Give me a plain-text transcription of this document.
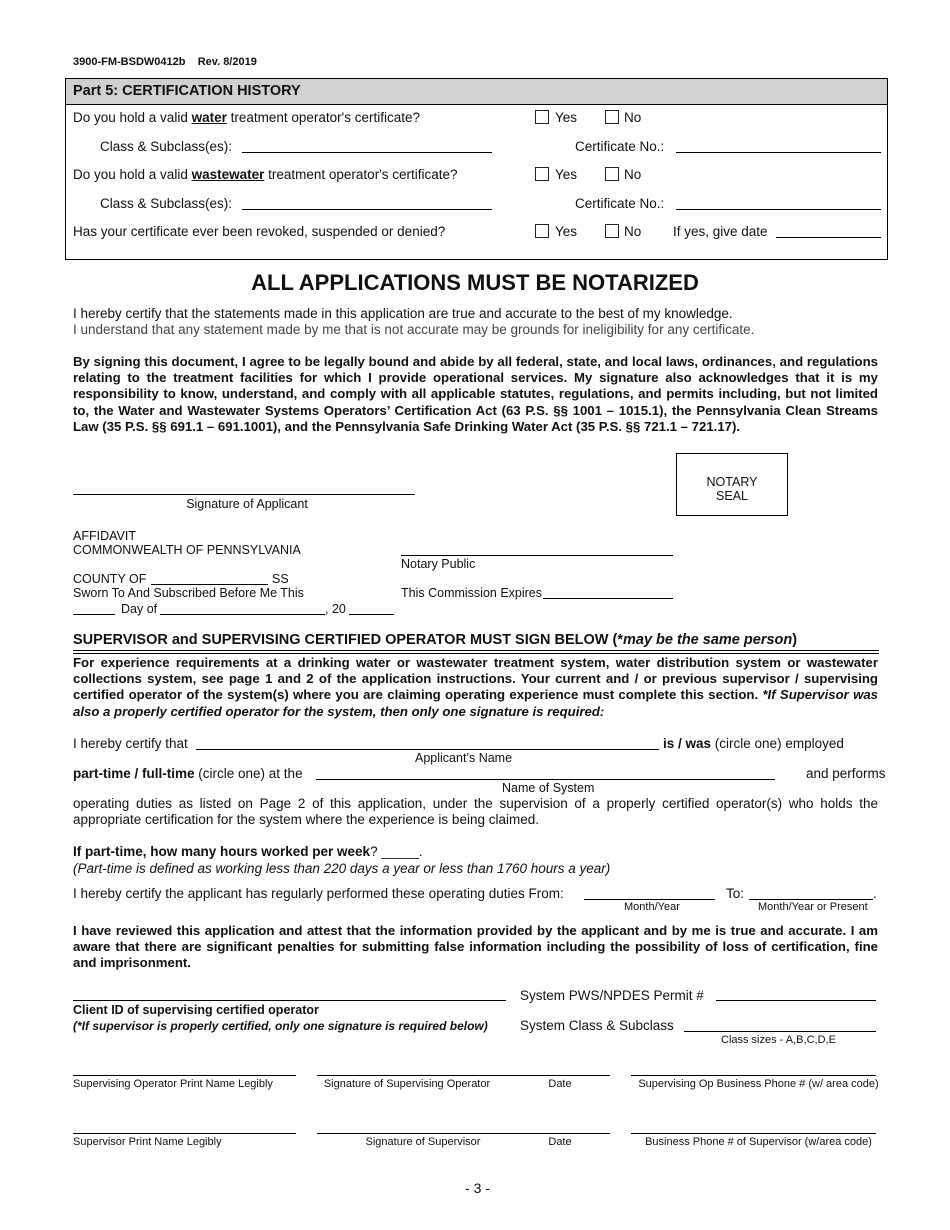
3900-FM-BSDW0412b Rev. 8/2019
Part 5: CERTIFICATION HISTORY
Do you hold a valid water treatment operator's certificate?	Yes	No
Class & Subclass(es):	Certificate No.:
Do you hold a valid wastewater treatment operator's certificate?	Yes	No
Class & Subclass(es):	Certificate No.:
Has your certificate ever been revoked, suspended or denied?	Yes	No If yes, give date
ALL APPLICATIONS MUST BE NOTARIZED
I hereby certify that the statements made in this application are true and accurate to the best of my knowledge.
I understand that any statement made by me that is not accurate may be grounds for ineligibility for any certificate.
By signing this document, I agree to be legally bound and abide by all federal, state, and local laws, ordinances, and regulations relating to the treatment facilities for which I provide operational services. My signature also acknowledges that it is my responsibility to know, understand, and comply with all applicable statutes, regulations, and permits including, but not limited to, the Water and Wastewater Systems Operators’ Certification Act (63 P.S. §§ 1001 – 1015.1), the Pennsylvania Clean Streams Law (35 P.S. §§ 691.1 – 691.1001), and the Pennsylvania Safe Drinking Water Act (35 P.S. §§ 721.1 – 721.17).
Signature of Applicant
NOTARY
SEAL
AFFIDAVIT
COMMONWEALTH OF PENNSYLVANIA
Notary Public
COUNTY OF	SS
Sworn To And Subscribed Before Me This	This Commission Expires
Day of	, 20
SUPERVISOR and SUPERVISING CERTIFIED OPERATOR MUST SIGN BELOW (*may be the same person)
For experience requirements at a drinking water or wastewater treatment system, water distribution system or wastewater collections system, see page 1 and 2 of the application instructions. Your current and / or previous supervisor / supervising certified operator of the system(s) where you are claiming operating experience must complete this section. *If Supervisor was also a properly certified operator for the system, then only one signature is required:
I hereby certify that	is / was (circle one) employed
Applicant’s Name
part-time / full-time (circle one) at the	and performs
Name of System
operating duties as listed on Page 2 of this application, under the supervision of a properly certified operator(s) who holds the appropriate certification for the system where the experience is being claimed.
If part-time, how many hours worked per week? _____.
(Part-time is defined as working less than 220 days a year or less than 1760 hours a year)
I hereby certify the applicant has regularly performed these operating duties From:	To:	.
Month/Year	Month/Year or Present
I have reviewed this application and attest that the information provided by the applicant and by me is true and accurate. I am aware that there are significant penalties for submitting false information including the possibility of loss of certification, fine and imprisonment.
Client ID of supervising certified operator
(*If supervisor is properly certified, only one signature is required below)
System PWS/NPDES Permit #
System Class & Subclass
Class sizes - A,B,C,D,E
Supervising Operator Print Name Legibly	Signature of Supervising Operator	Date	Supervising Op Business Phone # (w/ area code)
Supervisor Print Name Legibly	Signature of Supervisor	Date	Business Phone # of Supervisor (w/area code)
- 3 -
